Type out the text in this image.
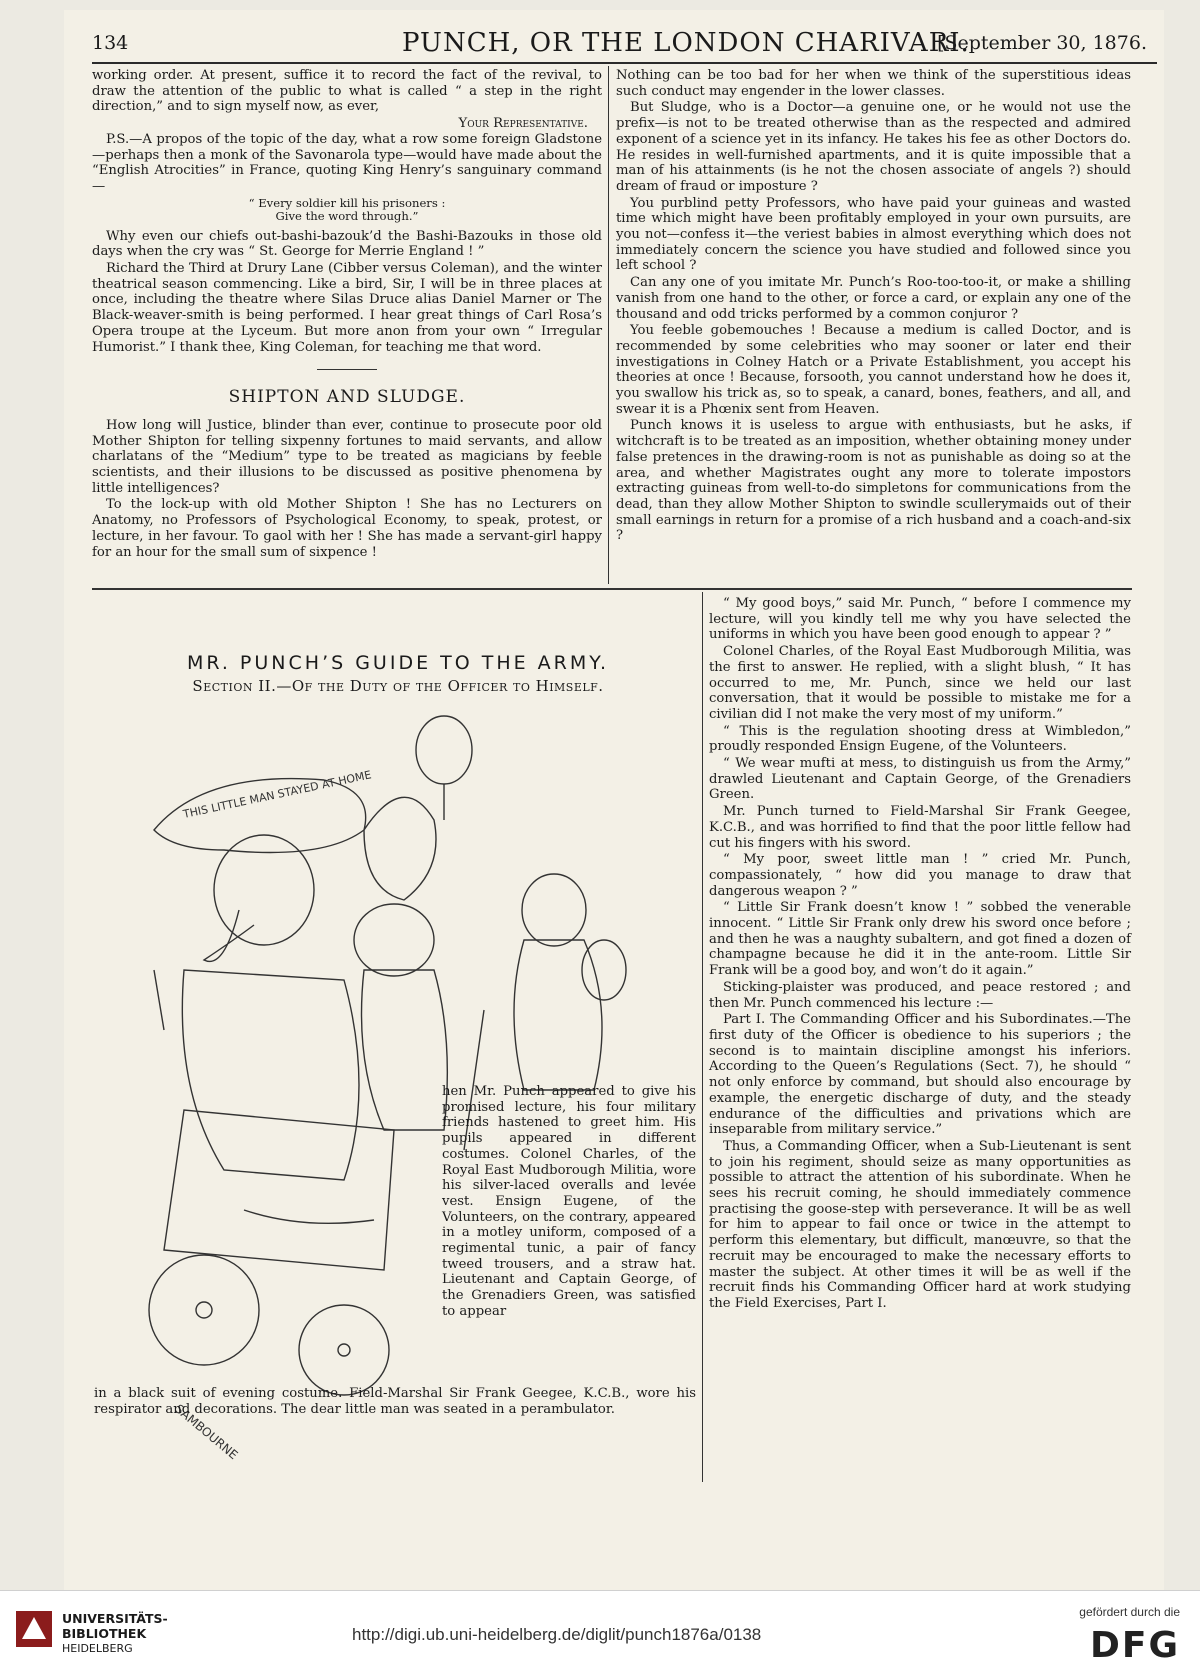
134	PUNCH, OR THE LONDON CHARIVARI.
[September 30, 1876.

working order. At present, suffice it to record the fact of the revival, to draw the attention of the public to what is called “ a step in the right direction,” and to sign myself now, as ever,

Your Representative.

P.S.—A propos of the topic of the day, what a row some foreign Gladstone—perhaps then a monk of the Savonarola type—would have made about the “English Atrocities” in France, quoting King Henry’s sanguinary command—

“ Every soldier kill his prisoners :
Give the word through.”

Why even our chiefs out-bashi-bazouk’d the Bashi-Bazouks in those old days when the cry was “ St. George for Merrie England ! ”

Richard the Third at Drury Lane (Cibber versus Coleman), and the winter theatrical season commencing. Like a bird, Sir, I will be in three places at once, including the theatre where Silas Druce alias Daniel Marner or The Black-weaver-smith is being performed. I hear great things of Carl Rosa’s Opera troupe at the Lyceum. But more anon from your own “ Irregular Humorist.” I thank thee, King Coleman, for teaching me that word.

SHIPTON AND SLUDGE.

How long will Justice, blinder than ever, continue to prosecute poor old Mother Shipton for telling sixpenny fortunes to maid servants, and allow charlatans of the “Medium” type to be treated as magicians by feeble scientists, and their illusions to be discussed as positive phenomena by little intelligences?

To the lock-up with old Mother Shipton ! She has no Lecturers on Anatomy, no Professors of Psychological Economy, to speak, protest, or lecture, in her favour. To gaol with her ! She has made a servant-girl happy for an hour for the small sum of sixpence !

Nothing can be too bad for her when we think of the superstitious ideas such conduct may engender in the lower classes.

But Sludge, who is a Doctor—a genuine one, or he would not use the prefix—is not to be treated otherwise than as the respected and admired exponent of a science yet in its infancy. He takes his fee as other Doctors do. He resides in well-furnished apartments, and it is quite impossible that a man of his attainments (is he not the chosen associate of angels ?) should dream of fraud or imposture ?

You purblind petty Professors, who have paid your guineas and wasted time which might have been profitably employed in your own pursuits, are you not—confess it—the veriest babies in almost everything which does not immediately concern the science you have studied and followed since you left school ?

Can any one of you imitate Mr. Punch’s Roo-too-too-it, or make a shilling vanish from one hand to the other, or force a card, or explain any one of the thousand and odd tricks performed by a common conjuror ?

You feeble gobemouches ! Because a medium is called Doctor, and is recommended by some celebrities who may sooner or later end their investigations in Colney Hatch or a Private Establishment, you accept his theories at once ! Because, forsooth, you cannot understand how he does it, you swallow his trick as, so to speak, a canard, bones, feathers, and all, and swear it is a Phœnix sent from Heaven.

Punch knows it is useless to argue with enthusiasts, but he asks, if witchcraft is to be treated as an imposition, whether obtaining money under false pretences in the drawing-room is not as punishable as doing so at the area, and whether Magistrates ought any more to tolerate impostors extracting guineas from well-to-do simpletons for communications from the dead, than they allow Mother Shipton to swindle scullerymaids out of their small earnings in return for a promise of a rich husband and a coach-and-six ?

MR. PUNCH’S GUIDE TO THE ARMY.
Section II.—Of the Duty of the Officer to Himself.
THIS LITTLE MAN STAYED AT HOME
SAMBOURNE

hen Mr. Punch appeared to give his promised lecture, his four military friends hastened to greet him. His pupils appeared in different costumes. Colonel Charles, of the Royal East Mudborough Militia, wore his silver-laced overalls and levée vest. Ensign Eugene, of the Volunteers, on the contrary, appeared in a motley uniform, composed of a regimental tunic, a pair of fancy tweed trousers, and a straw hat. Lieutenant and Captain George, of the Grenadiers Green, was satisfied to appear

in a black suit of evening costume. Field-Marshal Sir Frank Geegee, K.C.B., wore his respirator and decorations. The dear little man was seated in a perambulator.

“ My good boys,” said Mr. Punch, “ before I commence my lecture, will you kindly tell me why you have selected the uniforms in which you have been good enough to appear ? ”

Colonel Charles, of the Royal East Mudborough Militia, was the first to answer. He replied, with a slight blush, “ It has occurred to me, Mr. Punch, since we held our last conversation, that it would be possible to mistake me for a civilian did I not make the very most of my uniform.”

“ This is the regulation shooting dress at Wimbledon,” proudly responded Ensign Eugene, of the Volunteers.

“ We wear mufti at mess, to distinguish us from the Army,” drawled Lieutenant and Captain George, of the Grenadiers Green.

Mr. Punch turned to Field-Marshal Sir Frank Geegee, K.C.B., and was horrified to find that the poor little fellow had cut his fingers with his sword.

“ My poor, sweet little man ! ” cried Mr. Punch, compassionately, “ how did you manage to draw that dangerous weapon ? ”

“ Little Sir Frank doesn’t know ! ” sobbed the venerable innocent. “ Little Sir Frank only drew his sword once before ; and then he was a naughty subaltern, and got fined a dozen of champagne because he did it in the ante-room. Little Sir Frank will be a good boy, and won’t do it again.”

Sticking-plaister was produced, and peace restored ; and then Mr. Punch commenced his lecture :—

Part I. The Commanding Officer and his Subordinates.—The first duty of the Officer is obedience to his superiors ; the second is to maintain discipline amongst his inferiors. According to the Queen’s Regulations (Sect. 7), he should “ not only enforce by command, but should also encourage by example, the energetic discharge of duty, and the steady endurance of the difficulties and privations which are inseparable from military service.”

Thus, a Commanding Officer, when a Sub-Lieutenant is sent to join his regiment, should seize as many opportunities as possible to attract the attention of his subordinate. When he sees his recruit coming, he should immediately commence practising the goose-step with perseverance. It will be as well for him to appear to fail once or twice in the attempt to perform this elementary, but difficult, manœuvre, so that the recruit may be encouraged to make the necessary efforts to master the subject. At other times it will be as well if the recruit finds his Commanding Officer hard at work studying the Field Exercises, Part I.

UNIVERSITÄTS-
BIBLIOTHEK
HEIDELBERG
http://digi.ub.uni-heidelberg.de/diglit/punch1876a/0138
gefördert durch die
DFG
